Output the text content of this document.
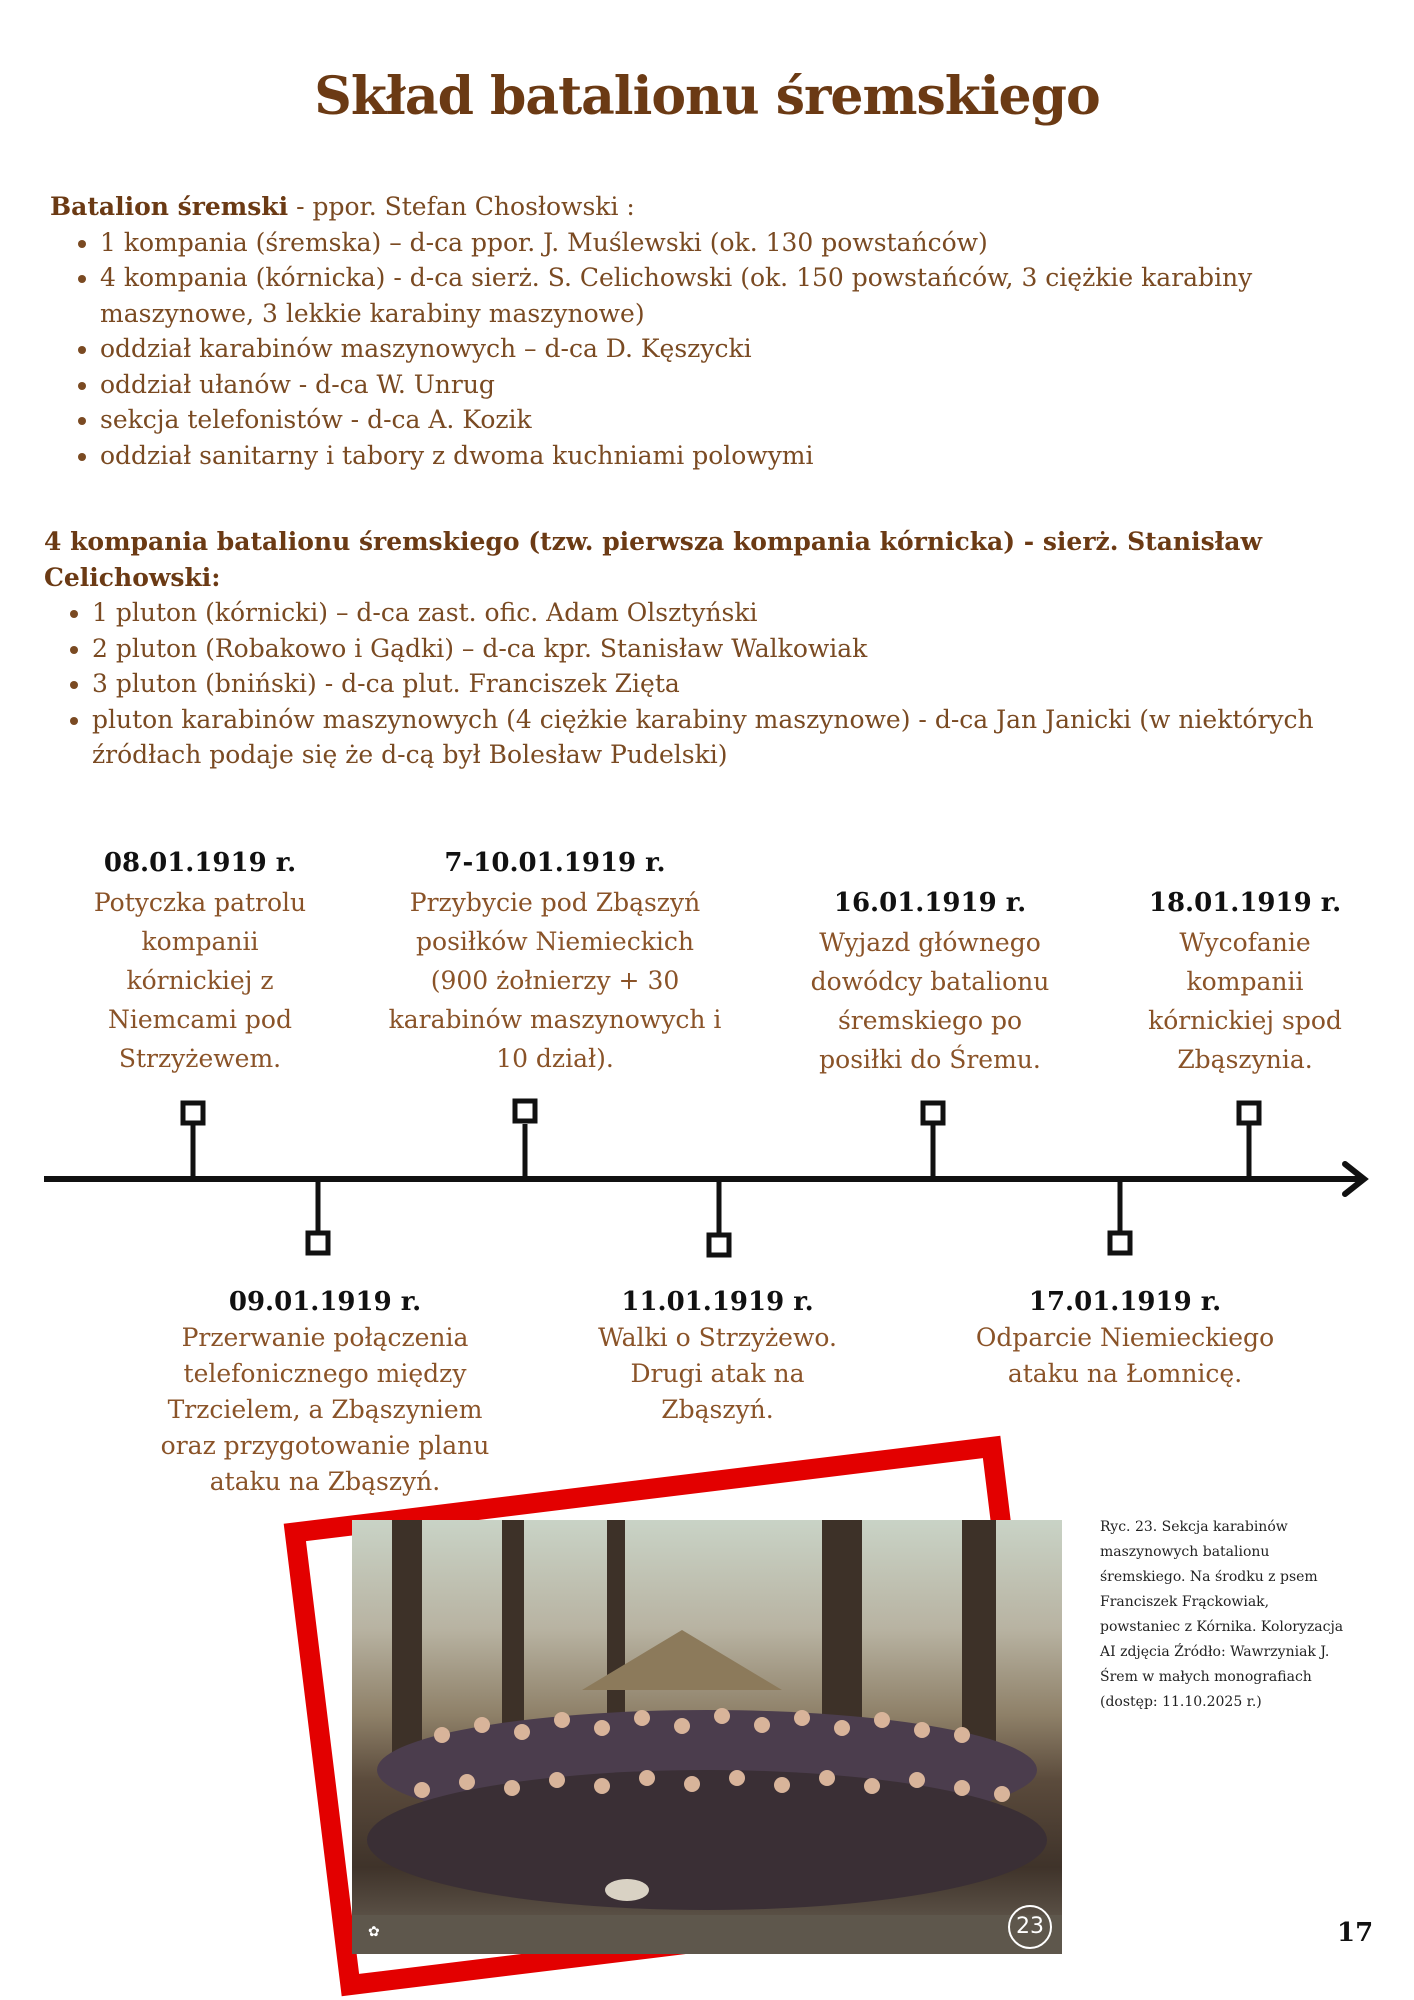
Skład batalionu śremskiego
Batalion śremski - ppor. Stefan Chosłowski :
• 1 kompania (śremska) – d-ca ppor. J. Muślewski (ok. 130 powstańców)
• 4 kompania (kórnicka) - d-ca sierż. S. Celichowski (ok. 150 powstańców, 3 ciężkie karabiny maszynowe, 3 lekkie karabiny maszynowe)
• oddział karabinów maszynowych – d-ca D. Kęszycki
• oddział ułanów - d-ca W. Unrug
• sekcja telefonistów - d-ca A. Kozik
• oddział sanitarny i tabory z dwoma kuchniami polowymi
4 kompania batalionu śremskiego (tzw. pierwsza kompania kórnicka) - sierż. Stanisław Celichowski:
• 1 pluton (kórnicki) – d-ca zast. ofic. Adam Olsztyński
• 2 pluton (Robakowo i Gądki) – d-ca kpr. Stanisław Walkowiak
• 3 pluton (bniński) - d-ca plut. Franciszek Zięta
• pluton karabinów maszynowych (4 ciężkie karabiny maszynowe) - d-ca Jan Janicki (w niektórych źródłach podaje się że d-cą był Bolesław Pudelski)
08.01.1919 r.
Potyczka patrolu kompanii kórnickiej z Niemcami pod Strzyżewem.
7-10.01.1919 r.
Przybycie pod Zbąszyń posiłków Niemieckich (900 żołnierzy + 30 karabinów maszynowych i 10 dział).
16.01.1919 r.
Wyjazd głównego dowódcy batalionu śremskiego po posiłki do Śremu.
18.01.1919 r.
Wycofanie kompanii kórnickiej spod Zbąszynia.
09.01.1919 r.
Przerwanie połączenia telefonicznego między Trzcielem, a Zbąszyniem oraz przygotowanie planu ataku na Zbąszyń.
11.01.1919 r.
Walki o Strzyżewo. Drugi atak na Zbąszyń.
17.01.1919 r.
Odparcie Niemieckiego ataku na Łomnicę.
✿	23
Ryc. 23. Sekcja karabinów maszynowych batalionu śremskiego. Na środku z psem Franciszek Frąckowiak, powstaniec z Kórnika. Koloryzacja AI zdjęcia Źródło: Wawrzyniak J. Śrem w małych monografiach (dostęp: 11.10.2025 r.)
17
